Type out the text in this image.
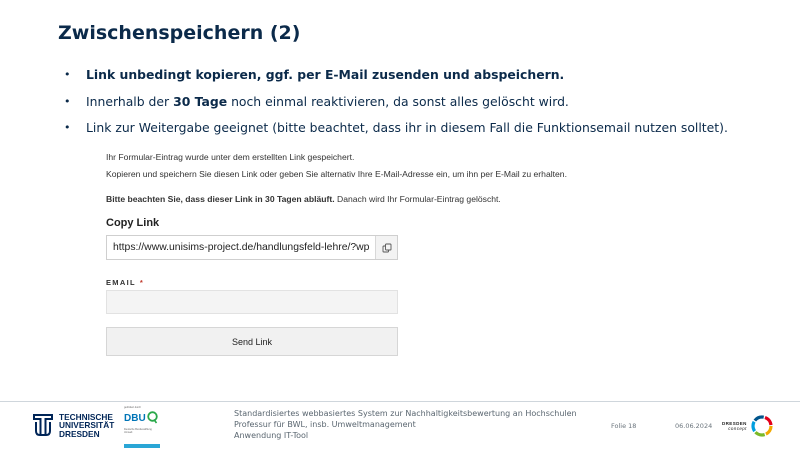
Zwischenspeichern (2)
• Link unbedingt kopieren, ggf. per E-Mail zusenden und abspeichern.
• Innerhalb der 30 Tage noch einmal reaktivieren, da sonst alles gelöscht wird.
• Link zur Weitergabe geeignet (bitte beachtet, dass ihr in diesem Fall die Funktionsemail nutzen solltet).
Ihr Formular-Eintrag wurde unter dem erstellten Link gespeichert.
Kopieren und speichern Sie diesen Link oder geben Sie alternativ Ihre E-Mail-Adresse ein, um ihn per E-Mail zu erhalten.
Bitte beachten Sie, dass dieser Link in 30 Tagen abläuft. Danach wird Ihr Formular-Eintrag gelöscht.
Copy Link
https://www.unisims-project.de/handlungsfeld-lehre/?wp
EMAIL *
Send Link
TECHNISCHE
UNIVERSITÄT
DRESDEN
gefördert durch
DBU
Deutsche Bundesstiftung Umwelt
Standardisiertes webbasiertes System zur Nachhaltigkeitsbewertung an Hochschulen
Professur für BWL, insb. Umweltmanagement
Anwendung IT-Tool
Folie 18	06.06.2024 DRESDEN
concept
